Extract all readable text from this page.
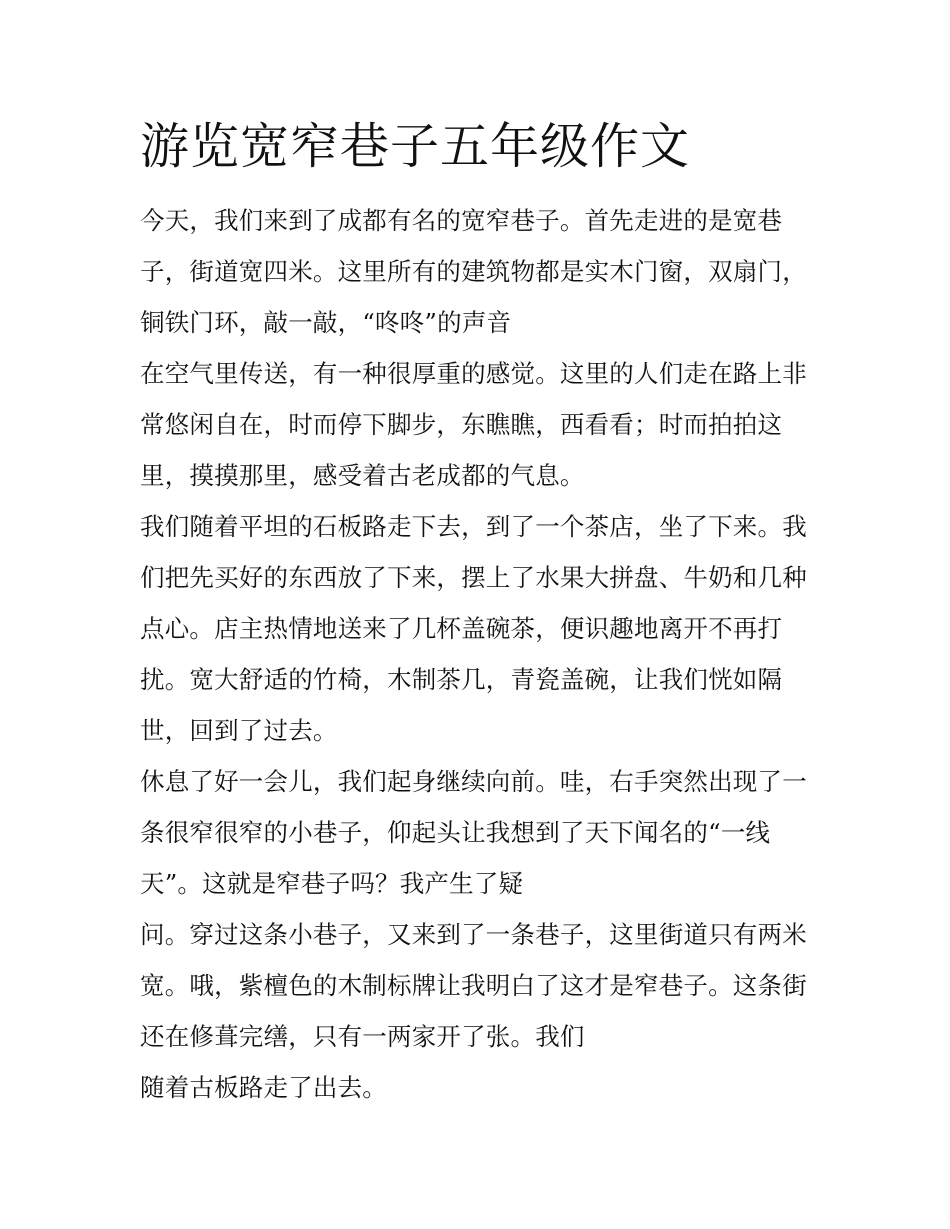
游览宽窄巷子五年级作文

今天，我们来到了成都有名的宽窄巷子。首先走进的是宽巷

子，街道宽四米。这里所有的建筑物都是实木门窗，双扇门，

铜铁门环，敲一敲，“咚咚”的声音

在空气里传送，有一种很厚重的感觉。这里的人们走在路上非

常悠闲自在，时而停下脚步，东瞧瞧，西看看；时而拍拍这

里，摸摸那里，感受着古老成都的气息。

我们随着平坦的石板路走下去，到了一个茶店，坐了下来。我

们把先买好的东西放了下来，摆上了水果大拼盘、牛奶和几种

点心。店主热情地送来了几杯盖碗茶，便识趣地离开不再打

扰。宽大舒适的竹椅，木制茶几，青瓷盖碗，让我们恍如隔

世，回到了过去。

休息了好一会儿，我们起身继续向前。哇，右手突然出现了一

条很窄很窄的小巷子，仰起头让我想到了天下闻名的“一线

天”。这就是窄巷子吗？我产生了疑

问。穿过这条小巷子，又来到了一条巷子，这里街道只有两米

宽。哦，紫檀色的木制标牌让我明白了这才是窄巷子。这条街

还在修葺完缮，只有一两家开了张。我们

随着古板路走了出去。
